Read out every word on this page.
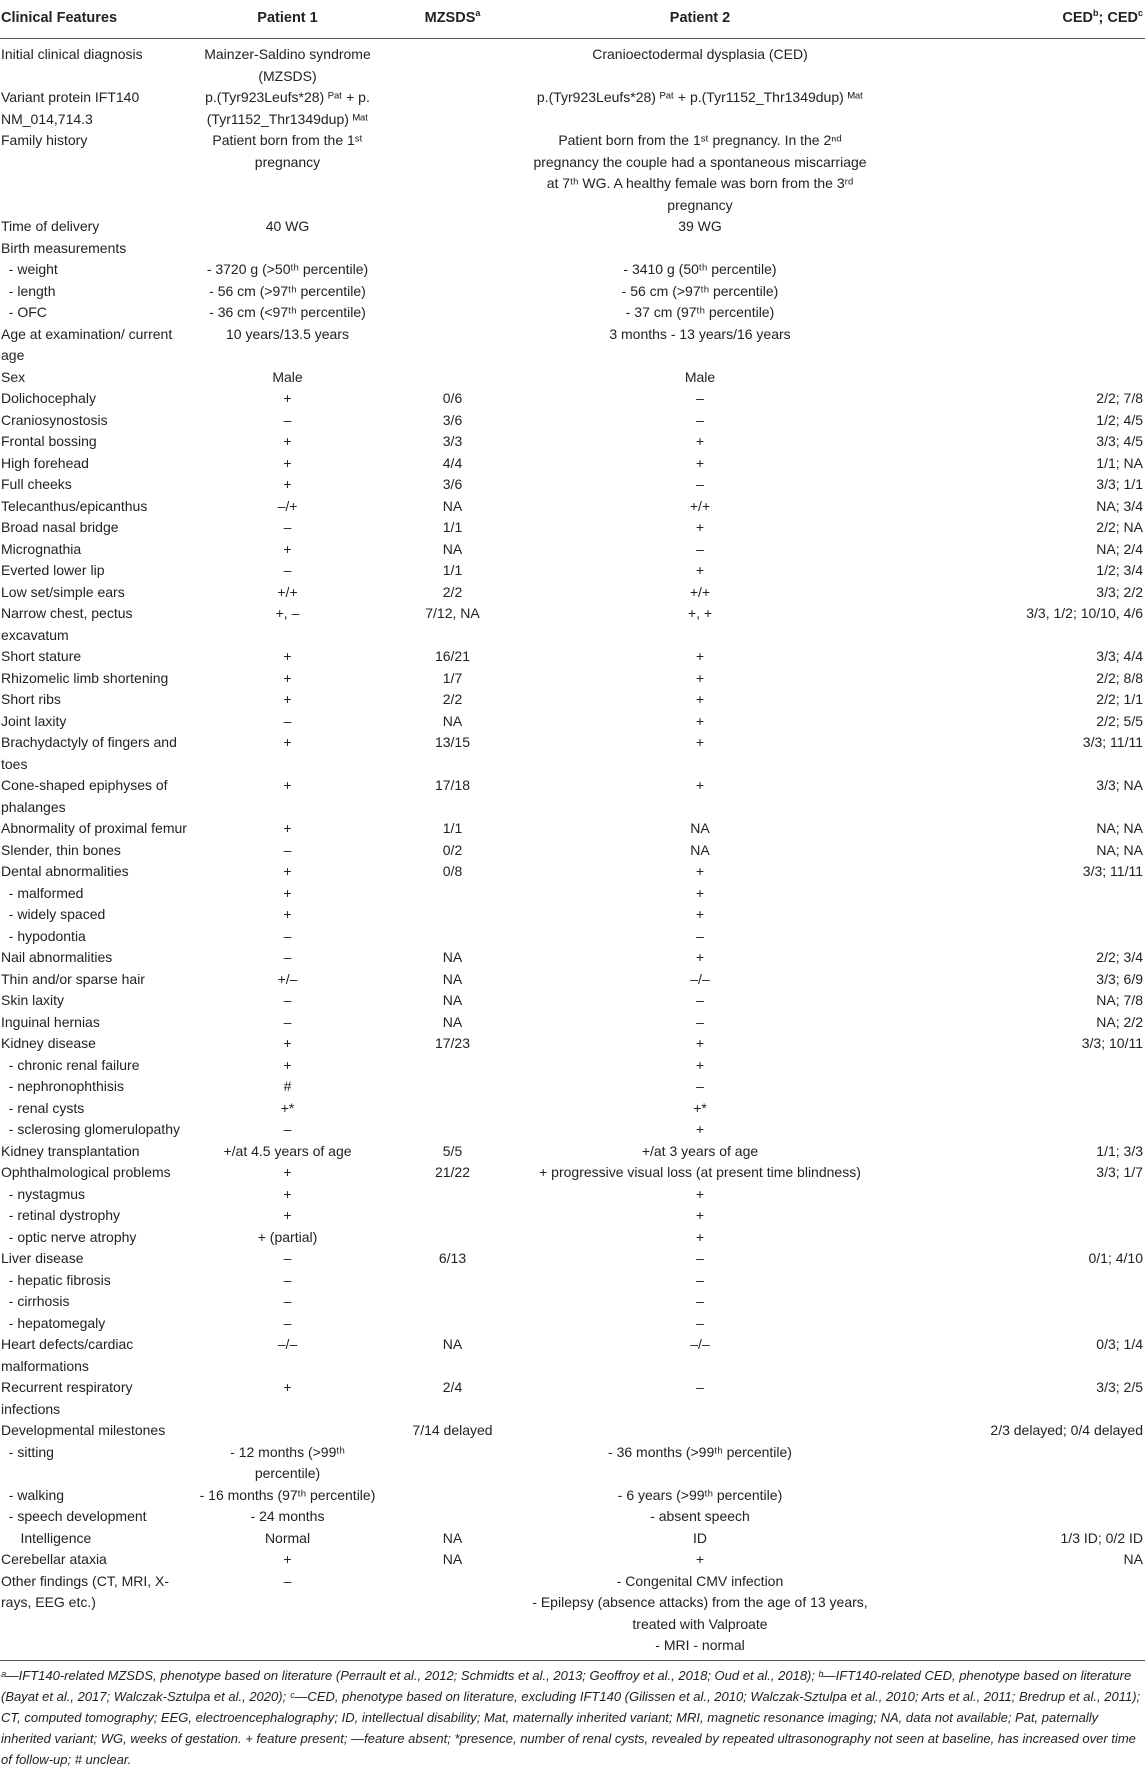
Clinical Features	Patient 1	MZSDS$^a$	Patient 2	CED$^b$; CED$^c$
Initial clinical diagnosis	Mainzer-Saldino syndrome (MZSDS)		Cranioectodermal dysplasia (CED)	
Variant protein IFT140 NM_014,714.3	p.(Tyr923Leufs*28) ᴾᵃᵗ + p.(Tyr1152_Thr1349dup) ᴹᵃᵗ		p.(Tyr923Leufs*28) ᴾᵃᵗ + p.(Tyr1152_Thr1349dup) ᴹᵃᵗ	
Family history	Patient born from the 1ˢᵗ pregnancy		Patient born from the 1ˢᵗ pregnancy. In the 2ⁿᵈ pregnancy the couple had a spontaneous miscarriage at 7ᵗʰ WG. A healthy female was born from the 3ʳᵈ pregnancy	
Time of delivery	40 WG		39 WG	
Birth measurements				
- weight	- 3720 g (>50ᵗʰ percentile)		- 3410 g (50ᵗʰ percentile)	
- length	- 56 cm (>97ᵗʰ percentile)		- 56 cm (>97ᵗʰ percentile)	
- OFC	- 36 cm (<97ᵗʰ percentile)		- 37 cm (97ᵗʰ percentile)	
Age at examination/ current age	10 years/13.5 years		3 months - 13 years/16 years	
Sex	Male		Male	
Dolichocephaly	+	0/6	–	2/2; 7/8
Craniosynostosis	–	3/6	–	1/2; 4/5
Frontal bossing	+	3/3	+	3/3; 4/5
High forehead	+	4/4	+	1/1; NA
Full cheeks	+	3/6	–	3/3; 1/1
Telecanthus/epicanthus	–/+	NA	+/+	NA; 3/4
Broad nasal bridge	–	1/1	+	2/2; NA
Micrognathia	+	NA	–	NA; 2/4
Everted lower lip	–	1/1	+	1/2; 3/4
Low set/simple ears	+/+	2/2	+/+	3/3; 2/2
Narrow chest, pectus excavatum	+, –	7/12, NA	+, +	3/3, 1/2; 10/10, 4/6
Short stature	+	16/21	+	3/3; 4/4
Rhizomelic limb shortening	+	1/7	+	2/2; 8/8
Short ribs	+	2/2	+	2/2; 1/1
Joint laxity	–	NA	+	2/2; 5/5
Brachydactyly of fingers and toes	+	13/15	+	3/3; 11/11
Cone-shaped epiphyses of phalanges	+	17/18	+	3/3; NA
Abnormality of proximal femur	+	1/1	NA	NA; NA
Slender, thin bones	–	0/2	NA	NA; NA
Dental abnormalities	+	0/8	+	3/3; 11/11
- malformed	+		+	
- widely spaced	+		+	
- hypodontia	–		–	
Nail abnormalities	–	NA	+	2/2; 3/4
Thin and/or sparse hair	+/–	NA	–/–	3/3; 6/9
Skin laxity	–	NA	–	NA; 7/8
Inguinal hernias	–	NA	–	NA; 2/2
Kidney disease	+	17/23	+	3/3; 10/11
- chronic renal failure	+		+	
- nephronophthisis	#		–	
- renal cysts	+*		+*	
- sclerosing glomerulopathy	–		+	
Kidney transplantation	+/at 4.5 years of age	5/5	+/at 3 years of age	1/1; 3/3
Ophthalmological problems	+	21/22	+ progressive visual loss (at present time blindness)	3/3; 1/7
- nystagmus	+		+	
- retinal dystrophy	+		+	
- optic nerve atrophy	+ (partial)		+	
Liver disease	–	6/13	–	0/1; 4/10
- hepatic fibrosis	–		–	
- cirrhosis	–		–	
- hepatomegaly	–		–	
Heart defects/cardiac malformations	–/–	NA	–/–	0/3; 1/4
Recurrent respiratory infections	+	2/4	–	3/3; 2/5
Developmental milestones		7/14 delayed		2/3 delayed; 0/4 delayed
- sitting	- 12 months (>99ᵗʰ percentile)		- 36 months (>99ᵗʰ percentile)	
- walking	- 16 months (97ᵗʰ percentile)		- 6 years (>99ᵗʰ percentile)	
- speech development	- 24 months		- absent speech	
Intelligence	Normal	NA	ID	1/3 ID; 0/2 ID
Cerebellar ataxia	+	NA	+	NA
Other findings (CT, MRI, X-rays, EEG etc.)	–		- Congenital CMV infection
- Epilepsy (absence attacks) from the age of 13 years, treated with Valproate
- MRI - normal	
ᵃ—IFT140-related MZSDS, phenotype based on literature (Perrault et al., 2012; Schmidts et al., 2013; Geoffroy et al., 2018; Oud et al., 2018); ᵇ—IFT140-related CED, phenotype based on literature (Bayat et al., 2017; Walczak-Sztulpa et al., 2020); ᶜ—CED, phenotype based on literature, excluding IFT140 (Gilissen et al., 2010; Walczak-Sztulpa et al., 2010; Arts et al., 2011; Bredrup et al., 2011); CT, computed tomography; EEG, electroencephalography; ID, intellectual disability; Mat, maternally inherited variant; MRI, magnetic resonance imaging; NA, data not available; Pat, paternally inherited variant; WG, weeks of gestation. + feature present; —feature absent; *presence, number of renal cysts, revealed by repeated ultrasonography not seen at baseline, has increased over time of follow-up; # unclear.
